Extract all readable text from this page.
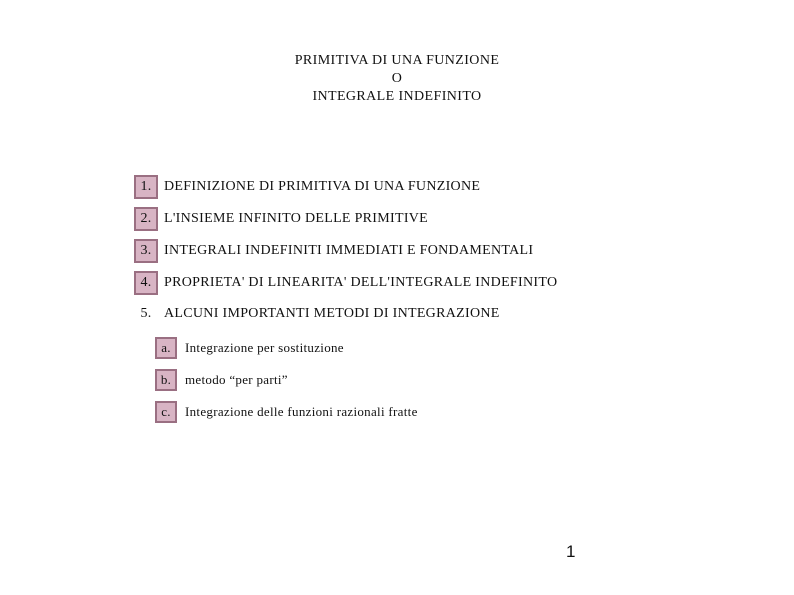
PRIMITIVA DI UNA FUNZIONE
O
INTEGRALE INDEFINITO
1. DEFINIZIONE DI PRIMITIVA DI UNA FUNZIONE
2. L'INSIEME INFINITO DELLE PRIMITIVE
3. INTEGRALI INDEFINITI IMMEDIATI E FONDAMENTALI
4. PROPRIETA' DI LINEARITA' DELL'INTEGRALE INDEFINITO
5. ALCUNI IMPORTANTI METODI DI INTEGRAZIONE
a.	Integrazione per sostituzione
b.	metodo “per parti”
c.	Integrazione delle funzioni razionali fratte
1
